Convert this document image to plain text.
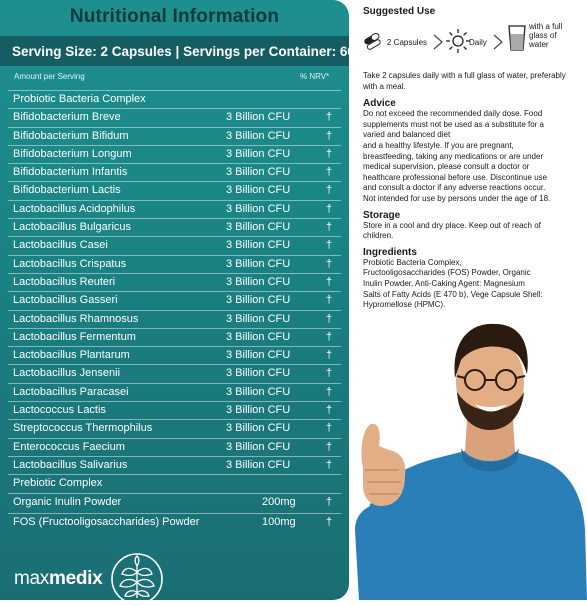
Nutritional Information
Serving Size: 2 Capsules | Servings per Container: 60
Amount per Serving	% NRV*
Probiotic Bacteria Complex
Bifidobacterium Breve	3 Billion CFU	†
Bifidobacterium Bifidum	3 Billion CFU	†
Bifidobacterium Longum	3 Billion CFU	†
Bifidobacterium Infantis	3 Billion CFU	†
Bifidobacterium Lactis	3 Billion CFU	†
Lactobacillus Acidophilus	3 Billion CFU	†
Lactobacillus Bulgaricus	3 Billion CFU	†
Lactobacillus Casei	3 Billion CFU	†
Lactobacillus Crispatus	3 Billion CFU	†
Lactobacillus Reuteri	3 Billion CFU	†
Lactobacillus Gasseri	3 Billion CFU	†
Lactobacillus Rhamnosus	3 Billion CFU	†
Lactobacillus Fermentum	3 Billion CFU	†
Lactobacillus Plantarum	3 Billion CFU	†
Lactobacillus Jensenii	3 Billion CFU	†
Lactobacillus Paracasei	3 Billion CFU	†
Lactococcus Lactis	3 Billion CFU	†
Streptococcus Thermophilus	3 Billion CFU	†
Enterococcus Faecium	3 Billion CFU	†
Lactobacillus Salivarius	3 Billion CFU	†
Prebiotic Complex
Organic Inulin Powder	200mg	†
FOS (Fructooligosaccharides) Powder	100mg	†
maxmedix
™
Suggested Use
2 Capsules	Daily
with a full
glass of
water
Take 2 capsules daily with a full glass of water, preferably with a meal.
Advice
Do not exceed the recommended daily dose. Food
supplements must not be used as a substitute for a
varied and balanced diet
and a healthy lifestyle. If you are pregnant,
breastfeeding, taking any medications or are under
medical supervision, please consult a doctor or
healthcare professional before use. Discontinue use
and consult a doctor if any adverse reactions occur.
Not intended for use by persons under the age of 18.
Storage
Store in a cool and dry place. Keep out of reach of
children.
Ingredients
Probiotic Bacteria Complex,
Fructooligosaccharides (FOS) Powder, Organic
Inulin Powder, Anti-Caking Agent: Magnesium
Salts of Fatty Acids (E 470 b), Vege Capsule Shell:
Hypromellose (HPMC).
